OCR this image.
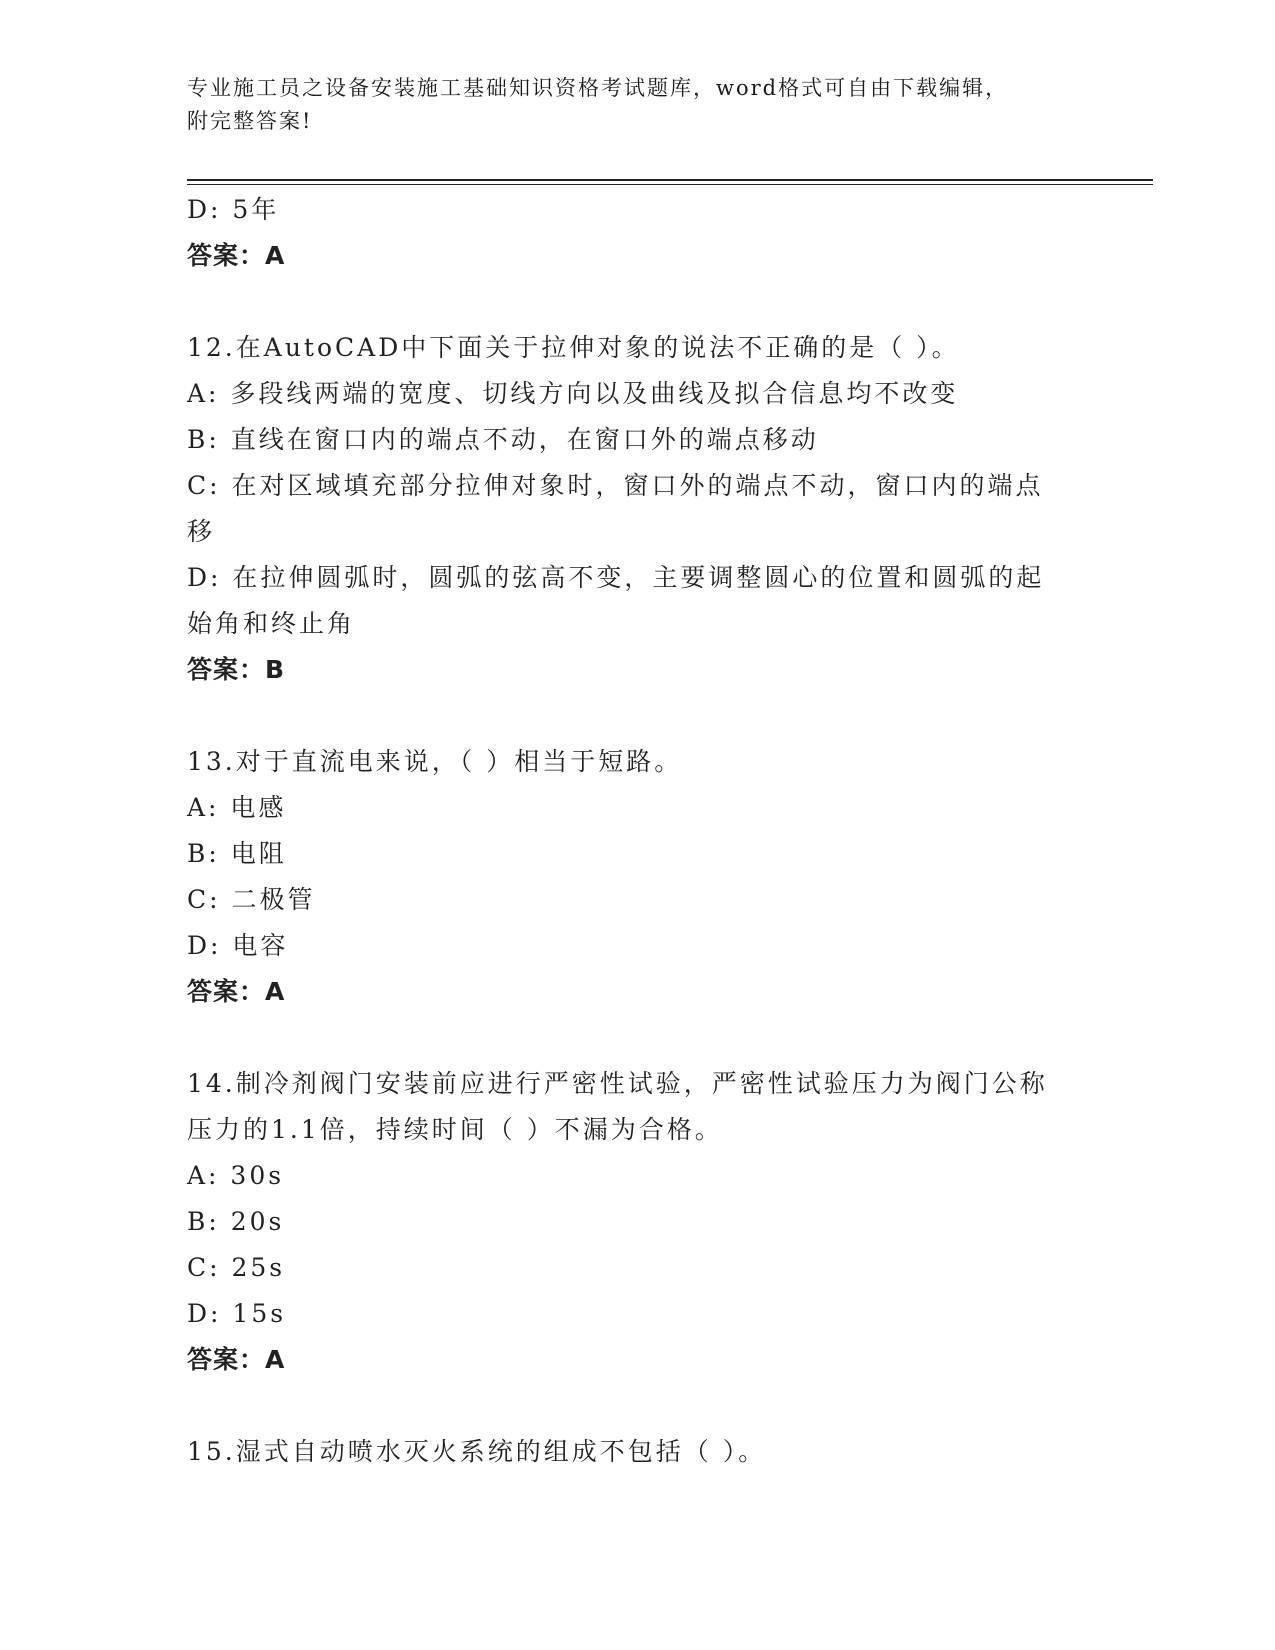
专业施工员之设备安装施工基础知识资格考试题库，word格式可自由下载编辑，
附完整答案!
D: 5年
答案：A
12.在AutoCAD中下面关于拉伸对象的说法不正确的是（ ）。
A: 多段线两端的宽度、切线方向以及曲线及拟合信息均不改变
B: 直线在窗口内的端点不动，在窗口外的端点移动
C: 在对区域填充部分拉伸对象时，窗口外的端点不动，窗口内的端点
移
D: 在拉伸圆弧时，圆弧的弦高不变，主要调整圆心的位置和圆弧的起
始角和终止角
答案：B
13.对于直流电来说，（ ）相当于短路。
A: 电感
B: 电阻
C: 二极管
D: 电容
答案：A
14.制冷剂阀门安装前应进行严密性试验，严密性试验压力为阀门公称
压力的1.1倍，持续时间（ ）不漏为合格。
A: 30s
B: 20s
C: 25s
D: 15s
答案：A
15.湿式自动喷水灭火系统的组成不包括（ ）。
